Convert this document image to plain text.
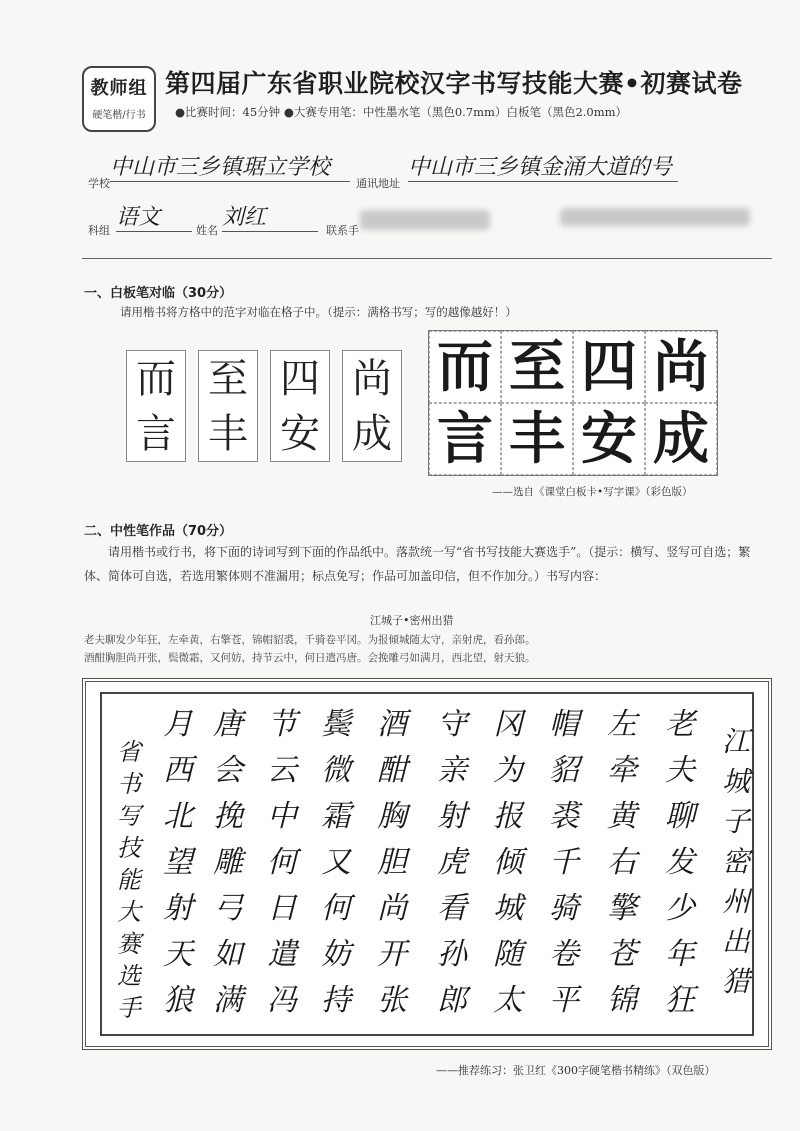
教师组
硬笔楷/行书
第四届广东省职业院校汉字书写技能大赛•初赛试卷
●比赛时间：45分钟 ●大赛专用笔：中性墨水笔（黑色0.7mm）白板笔（黑色2.0mm）
学校
中山市三乡镇琚立学校
通讯地址
中山市三乡镇金涌大道的号
科组
语文
姓名
刘红
联系手
一、白板笔对临（30分）
请用楷书将方格中的范字对临在格子中。（提示：满格书写；写的越像越好！）
而
言
至
丰
四
安
尚
成
而 至 四 尚
言 丰 安 成
——选自《课堂白板卡•写字课》（彩色版）
二、中性笔作品（70分）
请用楷书或行书，将下面的诗词写到下面的作品纸中。落款统一写“省书写技能大赛选手”。（提示：横写、竖写可自选；繁体、简体可自选，若选用繁体则不准漏用；标点免写；作品可加盖印信，但不作加分。）书写内容：
江城子•密州出猎
老夫聊发少年狂，左牵黄，右擎苍，锦帽貂裘，千骑卷平冈。为报倾城随太守，亲射虎，看孙郎。
酒酣胸胆尚开张，鬓微霜，又何妨，持节云中，何日遣冯唐。会挽雕弓如满月，西北望，射天狼。
江
城
子
密
州
出
猎
老
夫
聊
发
少
年
狂
左
牵
黄
右
擎
苍
锦
帽
貂
裘
千
骑
卷
平
冈
为
报
倾
城
随
太
守
亲
射
虎
看
孙
郎
酒
酣
胸
胆
尚
开
张
鬓
微
霜
又
何
妨
持
节
云
中
何
日
遣
冯
唐
会
挽
雕
弓
如
满
月
西
北
望
射
天
狼
省
书
写
技
能
大
赛
选
手
——推荐练习：张卫红《300字硬笔楷书精练》（双色版）
